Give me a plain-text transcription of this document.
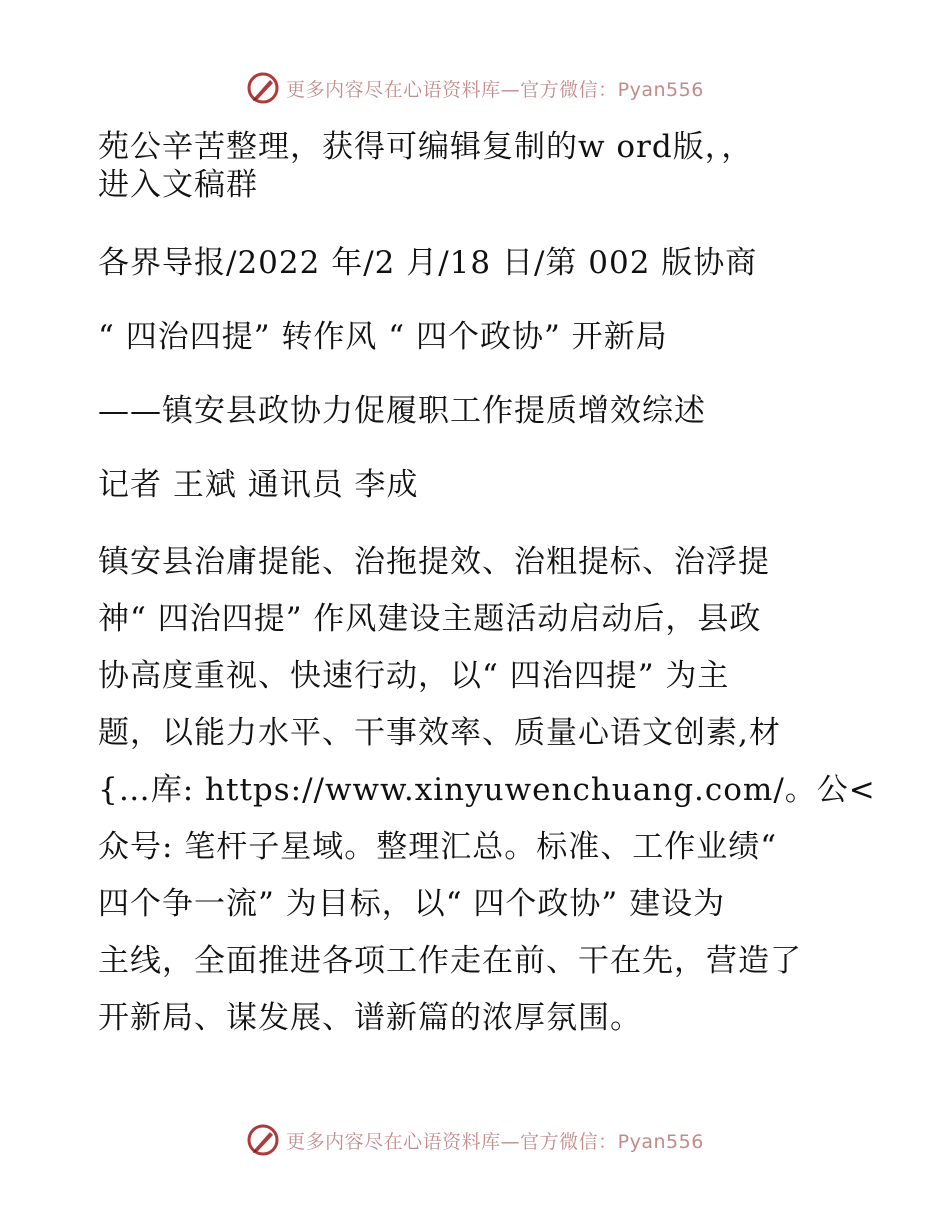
更多内容尽在心语资料库—官方微信：Pyan556
苑公辛苦整理，获得可编辑复制的w ord版，，
进入文稿群
各界导报/2022 年/2 月/18 日/第 002 版协商
“ 四治四提” 转作风 “ 四个政协” 开新局
——镇安县政协力促履职工作提质增效综述
记者 王斌 通讯员 李成
镇安县治庸提能、治拖提效、治粗提标、治浮提
神“ 四治四提” 作风建设主题活动启动后，县政
协高度重视、快速行动，以“ 四治四提” 为主
题，以能力水平、干事效率、质量心语文创素,材
{…库: https://www.xinyuwenchuang.com/。公<
众号: 笔杆子星域。整理汇总。标准、工作业绩“
四个争一流” 为目标，以“ 四个政协” 建设为
主线，全面推进各项工作走在前、干在先，营造了
开新局、谋发展、谱新篇的浓厚氛围。
更多内容尽在心语资料库—官方微信：Pyan556
